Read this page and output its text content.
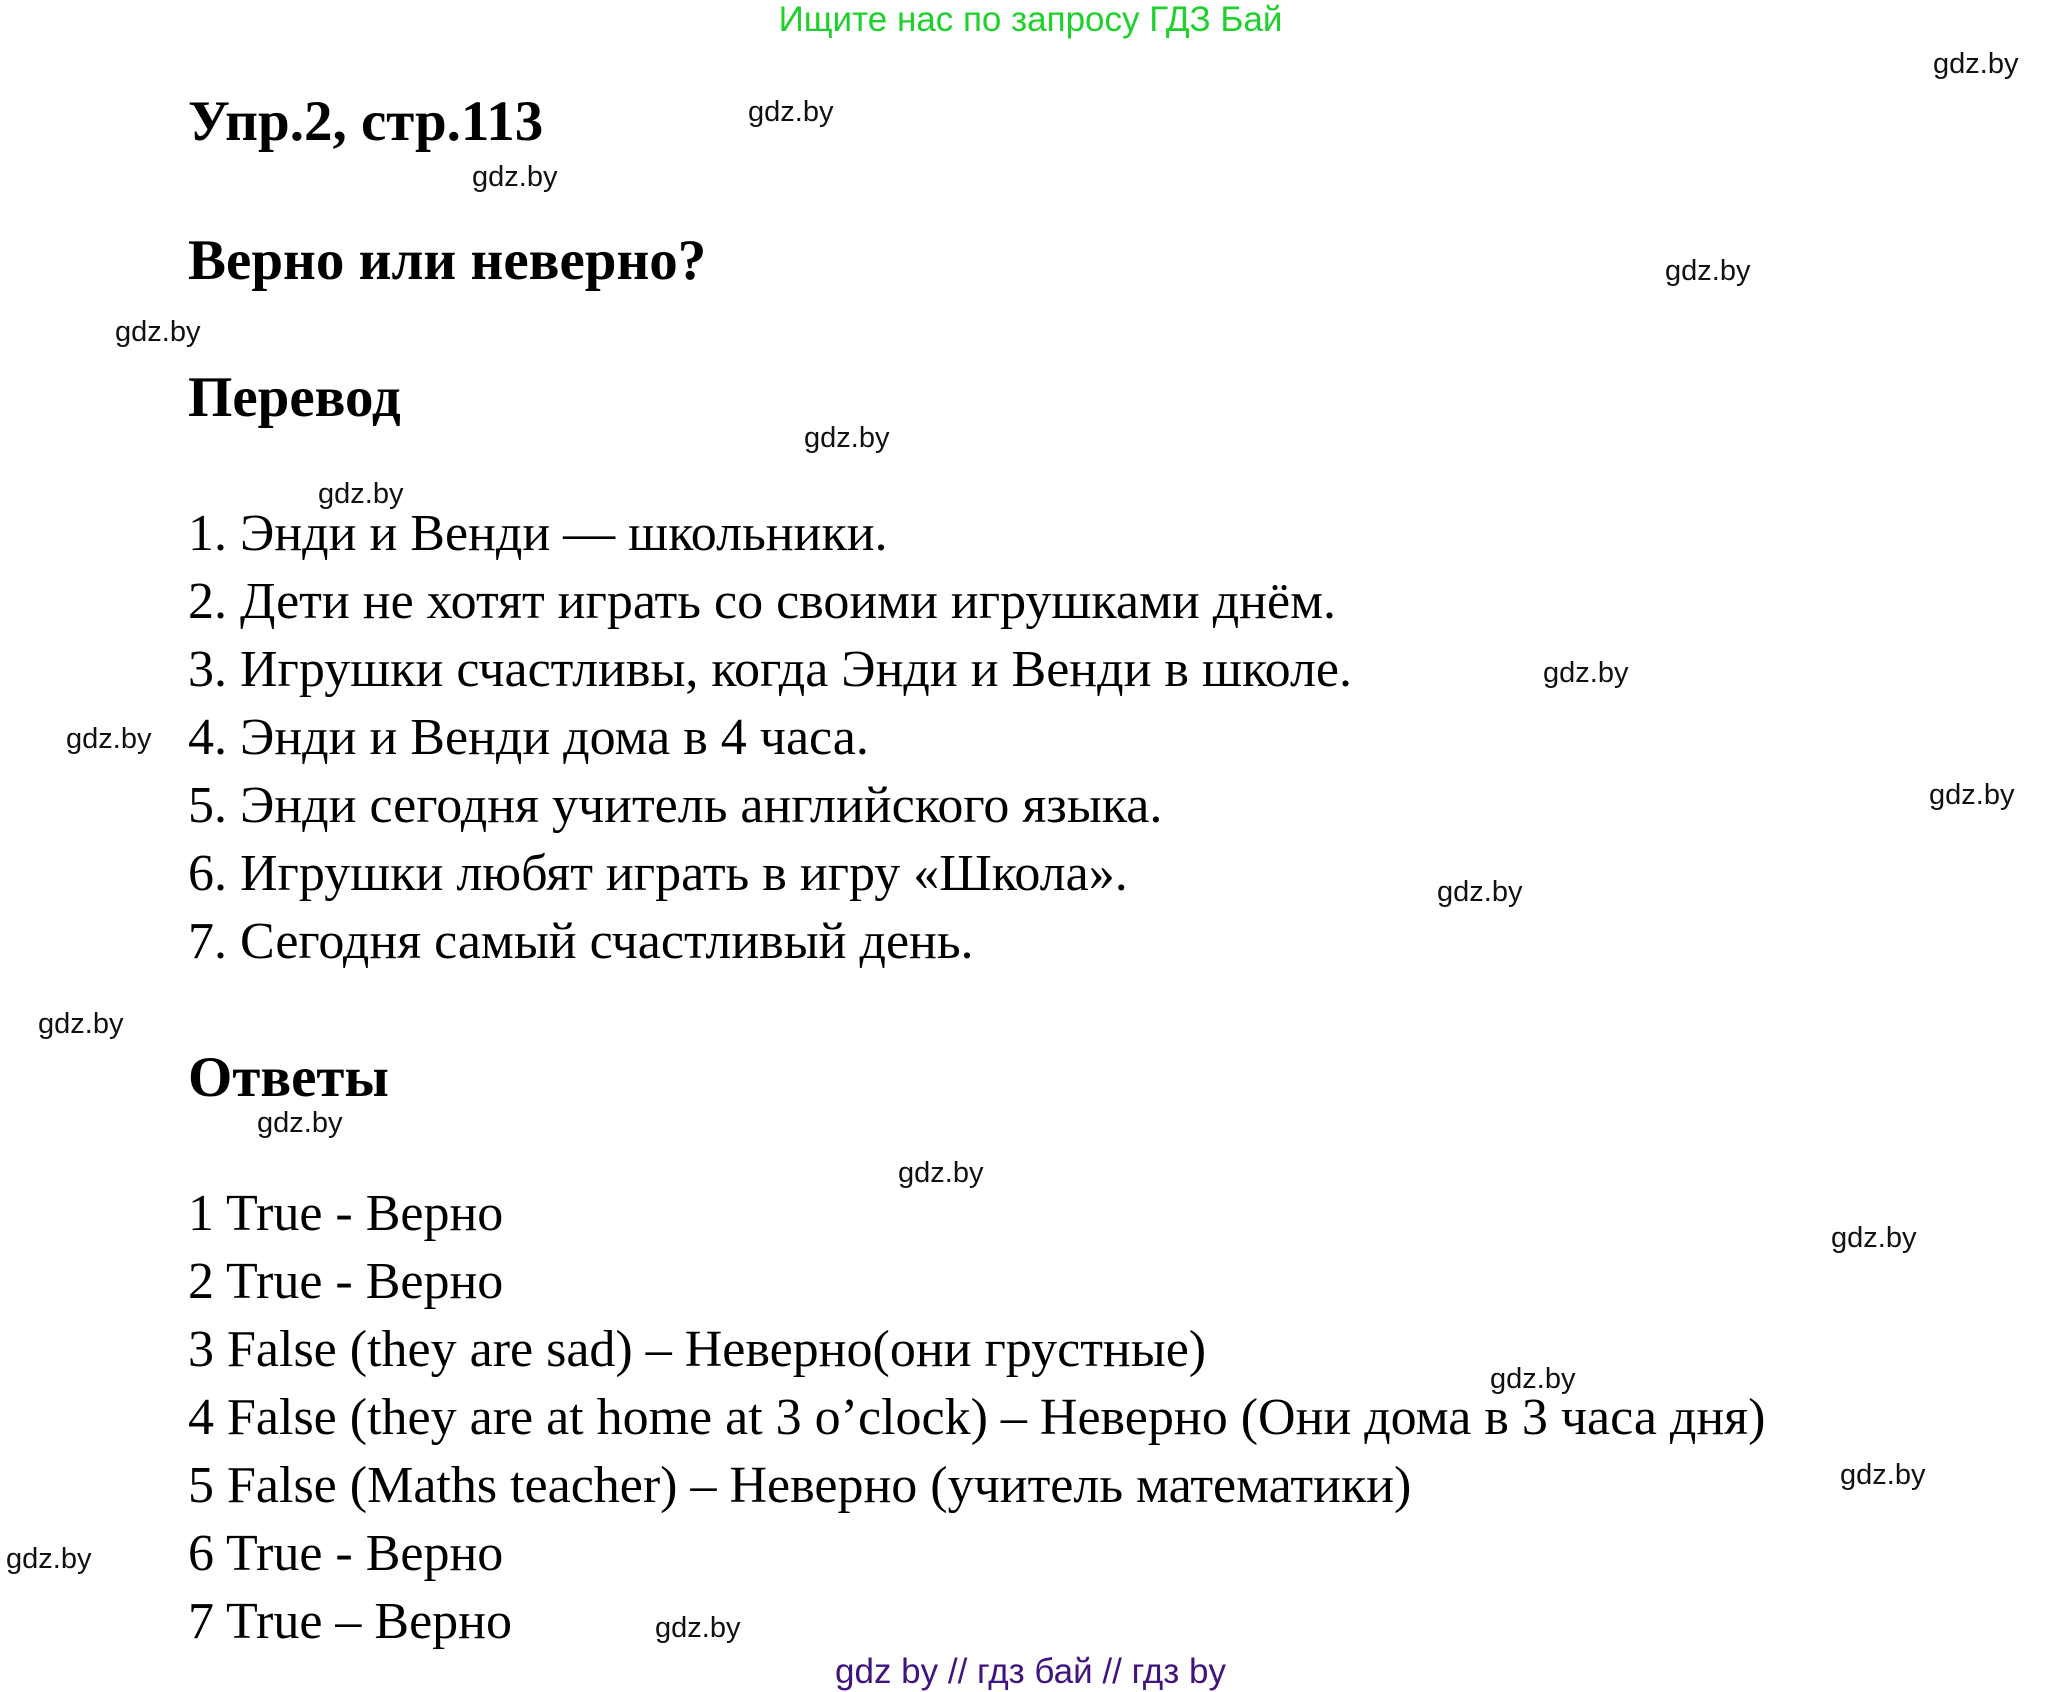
Ищите нас по запросу ГДЗ Бай
Упр.2, стр.113
Верно или неверно?
Перевод
1. Энди и Венди — школьники.
2. Дети не хотят играть со своими игрушками днём.
3. Игрушки счастливы, когда Энди и Венди в школе.
4. Энди и Венди дома в 4 часа.
5. Энди сегодня учитель английского языка.
6. Игрушки любят играть в игру «Школа».
7. Сегодня самый счастливый день.
Ответы
1 True - Верно
2 True - Верно
3 False (they are sad) – Неверно(они грустные)
4 False (they are at home at 3 o’clock) – Неверно (Они дома в 3 часа дня)
5 False (Maths teacher) – Неверно (учитель математики)
6 True - Верно
7 True – Верно
gdz.by
gdz.by
gdz.by
gdz.by
gdz.by
gdz.by
gdz.by
gdz.by
gdz.by
gdz.by
gdz.by
gdz.by
gdz.by
gdz.by
gdz.by
gdz.by
gdz.by
gdz.by
gdz.by
gdz by // гдз бай // гдз by
